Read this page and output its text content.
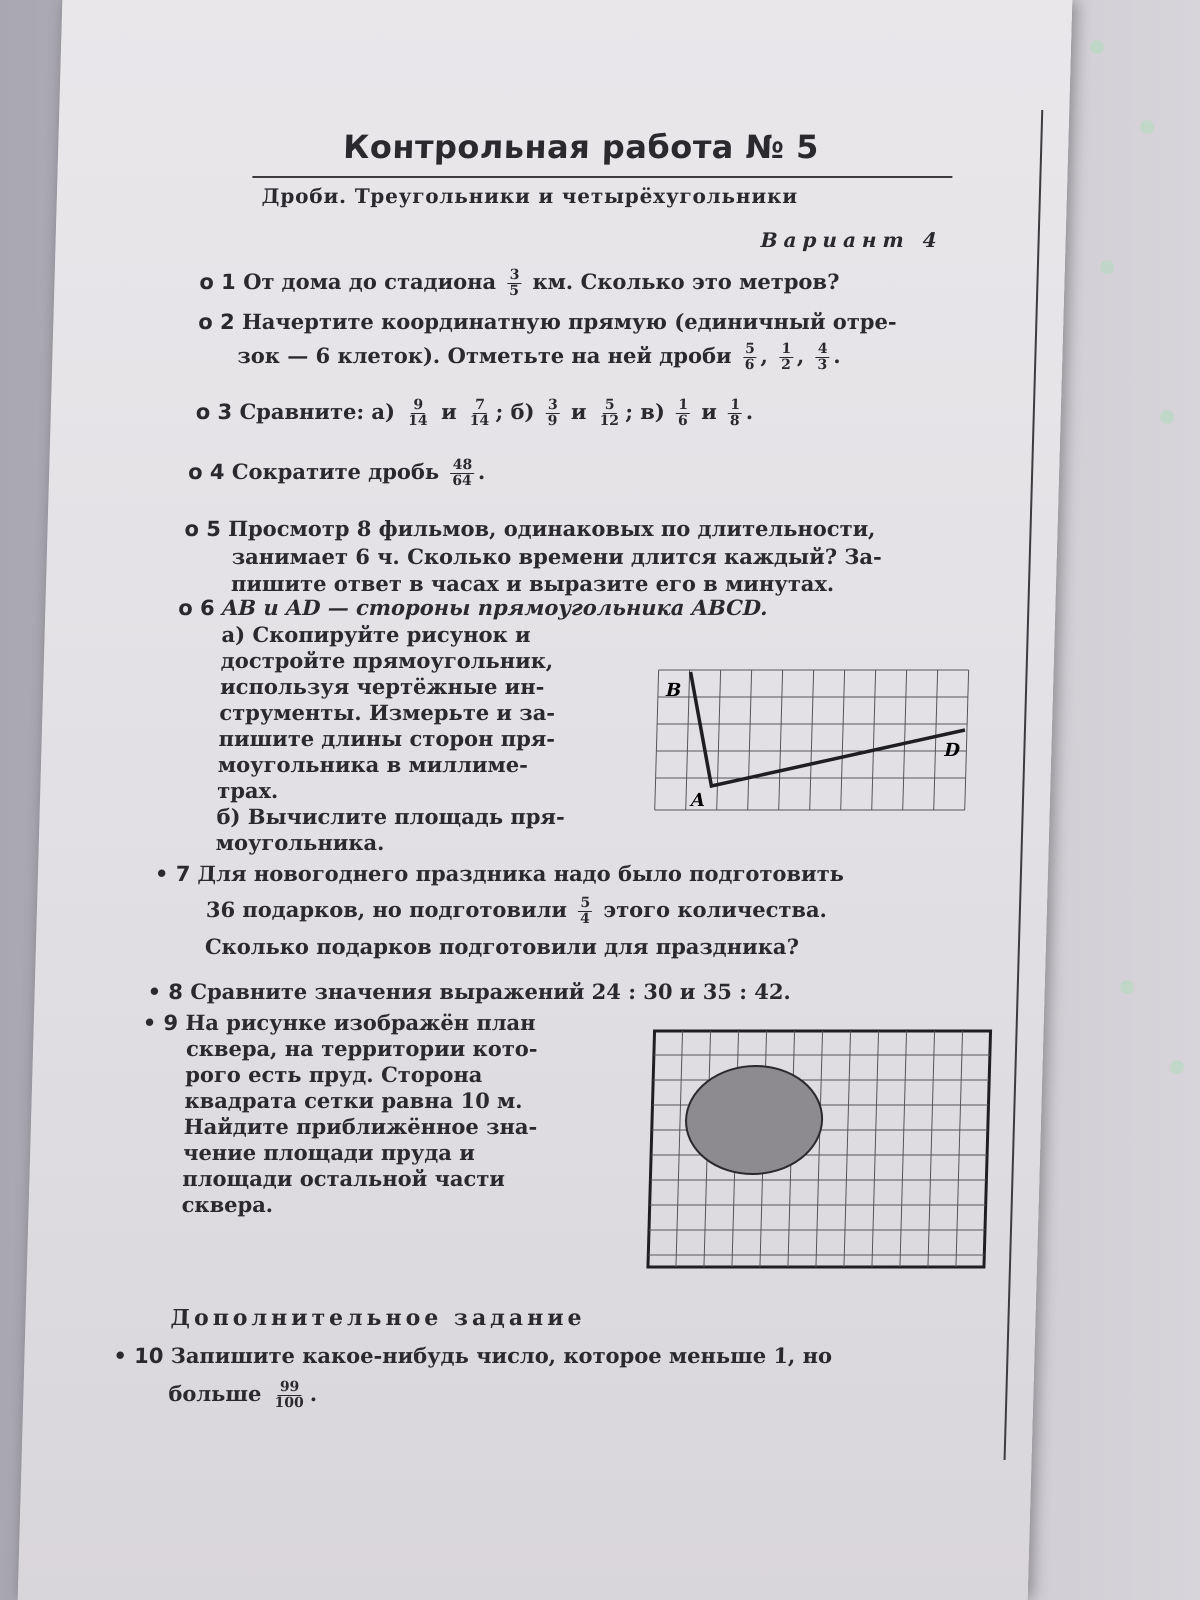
Контрольная работа № 5
Дроби. Треугольники и четырёхугольники
Вариант 4
o 1 От дома до стадиона $\frac{3}{5}$ км. Сколько это метров?
o 2 Начертите координатную прямую (единичный отре-
зок — 6 клеток). Отметьте на ней дроби $\frac{5}{6}$ , $\frac{1}{2}$ , $\frac{4}{3}$ .
o 3 Сравните: $а) \frac{9}{14}$ и $\frac{7}{14}$ ; $б) \frac{3}{9}$ и $\frac{5}{12}$ ; $в) \frac{1}{6}$ и $\frac{1}{8}$ .
o 4 Сократите дробь $\frac{48}{64}$ .
o 5 Просмотр 8 фильмов, одинаковых по длительности,
занимает 6 ч. Сколько времени длится каждый? За-
пишите ответ в часах и выразите его в минутах.
o 6 AB и AD — стороны прямоугольника ABCD.
а) Скопируйте рисунок и
достройте прямоугольник,
используя чертёжные ин-
струменты. Измерьте и за-
пишите длины сторон пря-
моугольника в миллиме-
трах.
б) Вычислите площадь пря-
моугольника.
B
A
D
• 7 Для новогоднего праздника надо было подготовить
36 подарков, но подготовили $\frac{5}{4}$ этого количества.
Сколько подарков подготовили для праздника?
• 8 Сравните значения выражений 24 : 30 и 35 : 42.
• 9 На рисунке изображён план
сквера, на территории кото-
рого есть пруд. Сторона
квадрата сетки равна 10 м.
Найдите приближённое зна-
чение площади пруда и
площади остальной части
сквера.
Дополнительное задание
• 10 Запишите какое-нибудь число, которое меньше 1, но
больше $\frac{99}{100}$ .
